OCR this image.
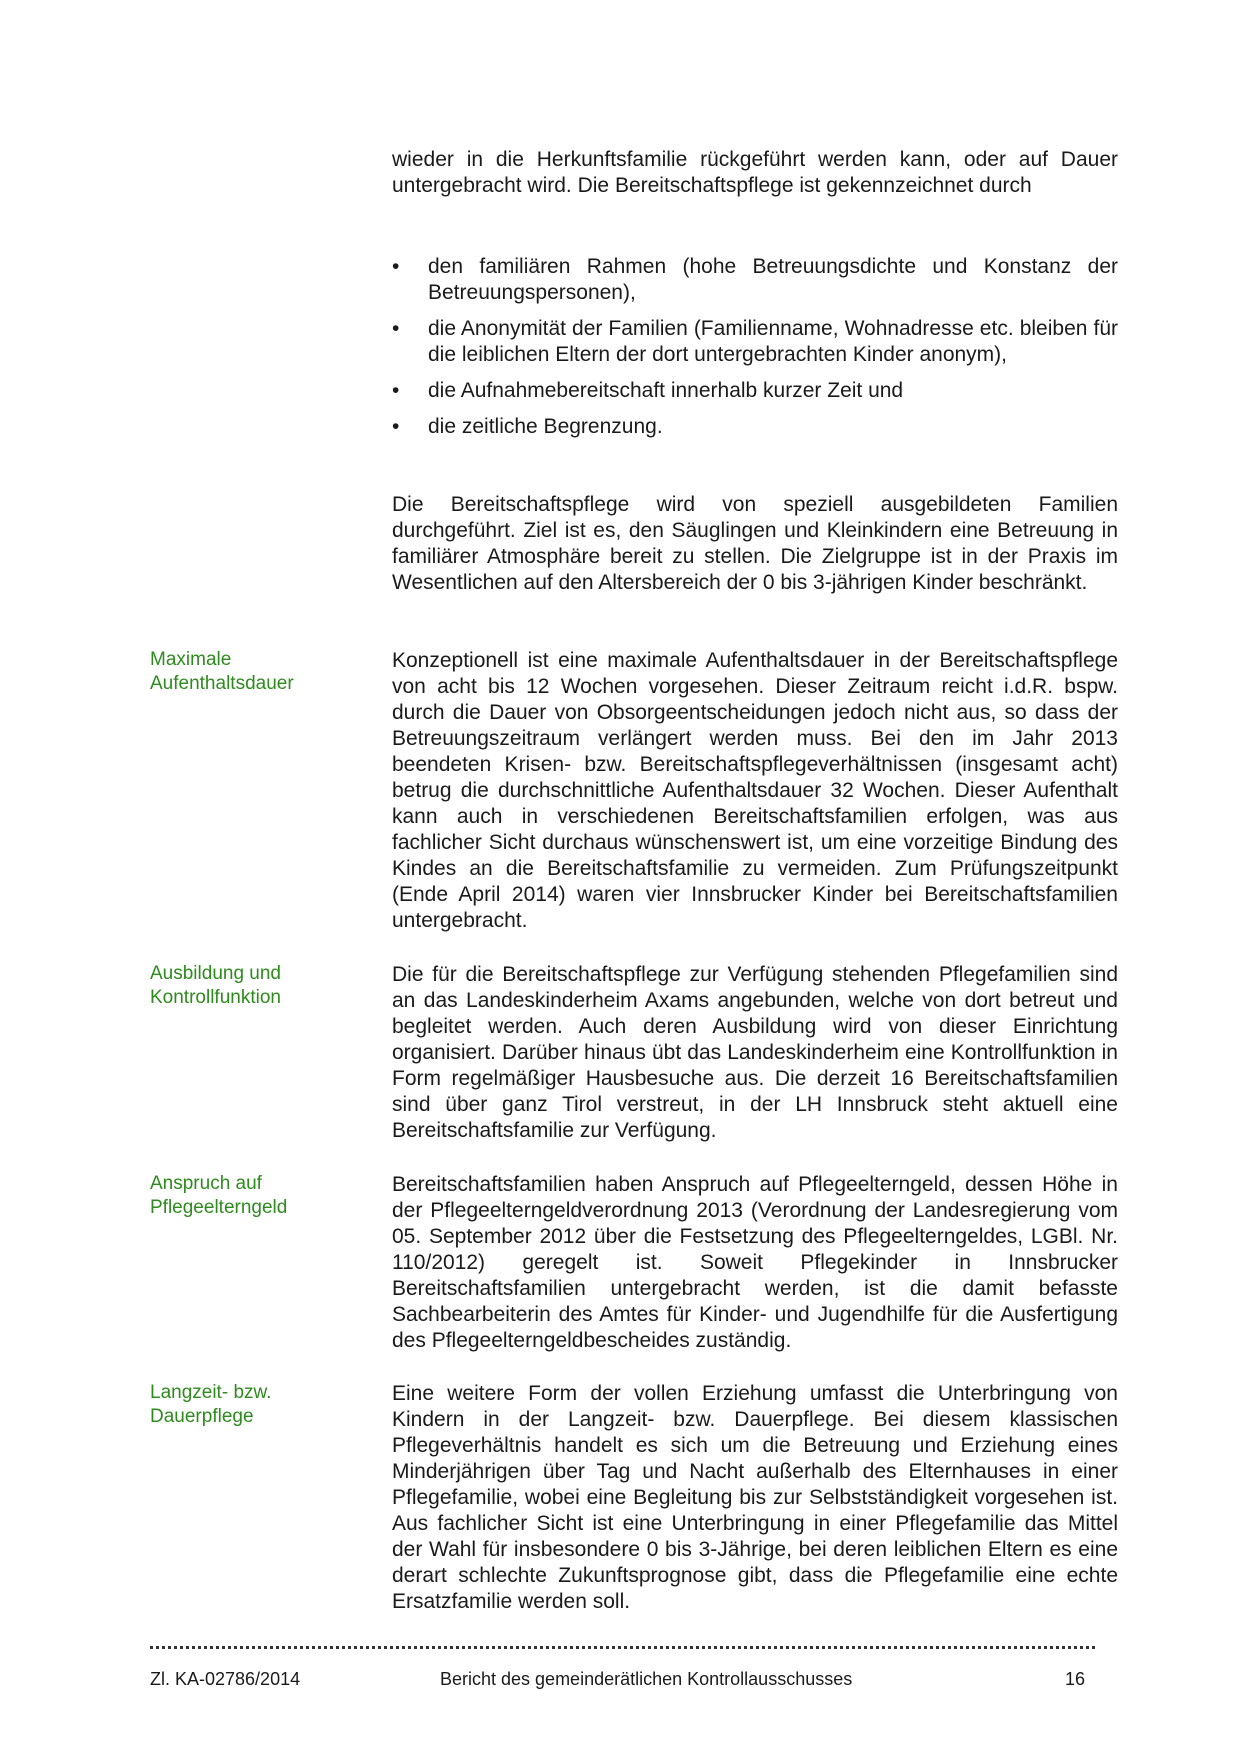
wieder in die Herkunftsfamilie rückgeführt werden kann, oder auf Dauer untergebracht wird. Die Bereitschaftspflege ist gekennzeichnet durch

• den familiären Rahmen (hohe Betreuungsdichte und Konstanz der Betreuungspersonen),
• die Anonymität der Familien (Familienname, Wohnadresse etc. bleiben für die leiblichen Eltern der dort untergebrachten Kinder anonym),
• die Aufnahmebereitschaft innerhalb kurzer Zeit und
• die zeitliche Begrenzung.

Die Bereitschaftspflege wird von speziell ausgebildeten Familien durchgeführt. Ziel ist es, den Säuglingen und Kleinkindern eine Betreuung in familiärer Atmosphäre bereit zu stellen. Die Zielgruppe ist in der Praxis im Wesentlichen auf den Altersbereich der 0 bis 3-jährigen Kinder beschränkt.

Maximale
Aufenthaltsdauer

Konzeptionell ist eine maximale Aufenthaltsdauer in der Bereitschaftspflege von acht bis 12 Wochen vorgesehen. Dieser Zeitraum reicht i.d.R. bspw. durch die Dauer von Obsorgeentscheidungen jedoch nicht aus, so dass der Betreuungszeitraum verlängert werden muss. Bei den im Jahr 2013 beendeten Krisen- bzw. Bereitschaftspflegeverhältnissen (insgesamt acht) betrug die durchschnittliche Aufenthaltsdauer 32 Wochen. Dieser Aufenthalt kann auch in verschiedenen Bereitschaftsfamilien erfolgen, was aus fachlicher Sicht durchaus wünschenswert ist, um eine vorzeitige Bindung des Kindes an die Bereitschaftsfamilie zu vermeiden. Zum Prüfungszeitpunkt (Ende April 2014) waren vier Innsbrucker Kinder bei Bereitschaftsfamilien untergebracht.

Ausbildung und
Kontrollfunktion

Die für die Bereitschaftspflege zur Verfügung stehenden Pflegefamilien sind an das Landeskinderheim Axams angebunden, welche von dort betreut und begleitet werden. Auch deren Ausbildung wird von dieser Einrichtung organisiert. Darüber hinaus übt das Landeskinderheim eine Kontrollfunktion in Form regelmäßiger Hausbesuche aus. Die derzeit 16 Bereitschaftsfamilien sind über ganz Tirol verstreut, in der LH Innsbruck steht aktuell eine Bereitschaftsfamilie zur Verfügung.

Anspruch auf
Pflegeelterngeld

Bereitschaftsfamilien haben Anspruch auf Pflegeelterngeld, dessen Höhe in der Pflegeelterngeldverordnung 2013 (Verordnung der Landesregierung vom 05. September 2012 über die Festsetzung des Pflegeelterngeldes, LGBl. Nr. 110/2012) geregelt ist. Soweit Pflegekinder in Innsbrucker Bereitschaftsfamilien untergebracht werden, ist die damit befasste Sachbearbeiterin des Amtes für Kinder- und Jugendhilfe für die Ausfertigung des Pflegeelterngeldbescheides zuständig.

Langzeit- bzw.
Dauerpflege

Eine weitere Form der vollen Erziehung umfasst die Unterbringung von Kindern in der Langzeit- bzw. Dauerpflege. Bei diesem klassischen Pflegeverhältnis handelt es sich um die Betreuung und Erziehung eines Minderjährigen über Tag und Nacht außerhalb des Elternhauses in einer Pflegefamilie, wobei eine Begleitung bis zur Selbstständigkeit vorgesehen ist. Aus fachlicher Sicht ist eine Unterbringung in einer Pflegefamilie das Mittel der Wahl für insbesondere 0 bis 3-Jährige, bei deren leiblichen Eltern es eine derart schlechte Zukunftsprognose gibt, dass die Pflegefamilie eine echte Ersatzfamilie werden soll.

Zl. KA-02786/2014	Bericht des gemeinderätlichen Kontrollausschusses	16
